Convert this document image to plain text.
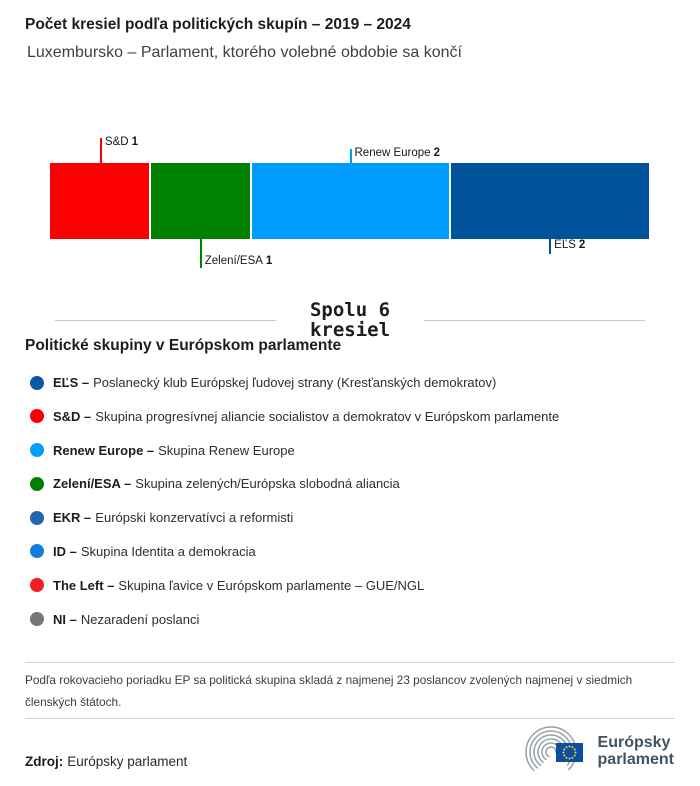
Počet kresiel podľa politických skupín – 2019 – 2024
Luxembursko – Parlament, ktorého volebné obdobie sa končí
S&D 1
Renew Europe 2
Zelení/ESA 1
EĽS 2
Spolu 6
kresiel
Politické skupiny v Európskom parlamente
EĽS – Poslanecký klub Európskej ľudovej strany (Kresťanských demokratov)
S&D – Skupina progresívnej aliancie socialistov a demokratov v Európskom parlamente
Renew Europe – Skupina Renew Europe
Zelení/ESA – Skupina zelených/Európska slobodná aliancia
EKR – Európski konzervatívci a reformisti
ID – Skupina Identita a demokracia
The Left – Skupina ľavice v Európskom parlamente – GUE/NGL
NI – Nezaradení poslanci
Podľa rokovacieho poriadku EP sa politická skupina skladá z najmenej 23 poslancov zvolených najmenej v siedmich členských štátoch.
Zdroj: Európsky parlament
Európsky
parlament
